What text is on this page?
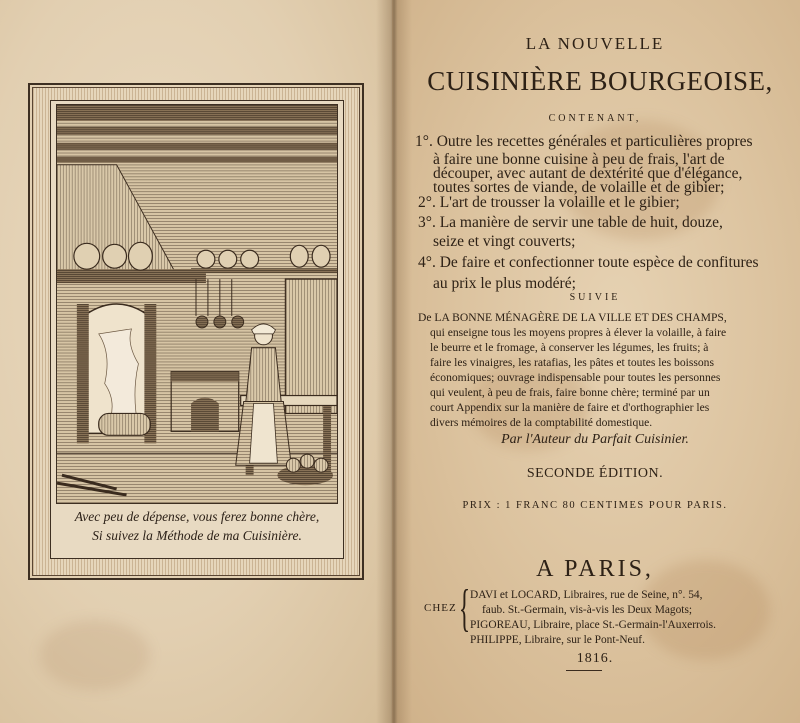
Avec peu de dépense, vous ferez bonne chère,
Si suivez la Méthode de ma Cuisinière.
LA NOUVELLE
CUISINIÈRE BOURGEOISE,
CONTENANT,
1°. Outre les recettes générales et particulières propres
à faire une bonne cuisine à peu de frais, l'art de
découper, avec autant de dextérité que d'élégance,
toutes sortes de viande, de volaille et de gibier;
2°. L'art de trousser la volaille et le gibier;
3°. La manière de servir une table de huit, douze,
seize et vingt couverts;
SUIVIE
De LA BONNE MÉNAGÈRE DE LA VILLE ET DES CHAMPS,
qui enseigne tous les moyens propres à élever la volaille, à faire
le beurre et le fromage, à conserver les légumes, les fruits; à
faire les vinaigres, les ratafias, les pâtes et toutes les boissons
économiques; ouvrage indispensable pour toutes les personnes
qui veulent, à peu de frais, faire bonne chère; terminé par un
court Appendix sur la manière de faire et d'orthographier les
divers mémoires de la comptabilité domestique.
Par l'Auteur du Parfait Cuisinier.
SECONDE ÉDITION.
PRIX : 1 FRANC 80 CENTIMES POUR PARIS.
A PARIS,
CHEZ { DAVI et LOCARD, Libraires, rue de Seine, n°. 54,
faub. St.-Germain, vis-à-vis les Deux Magots;
PIGOREAU, Libraire, place St.-Germain-l'Auxerrois.
PHILIPPE, Libraire, sur le Pont-Neuf.
1816.
4°. De faire et confectionner toute espèce de confitures
au prix le plus modéré;
